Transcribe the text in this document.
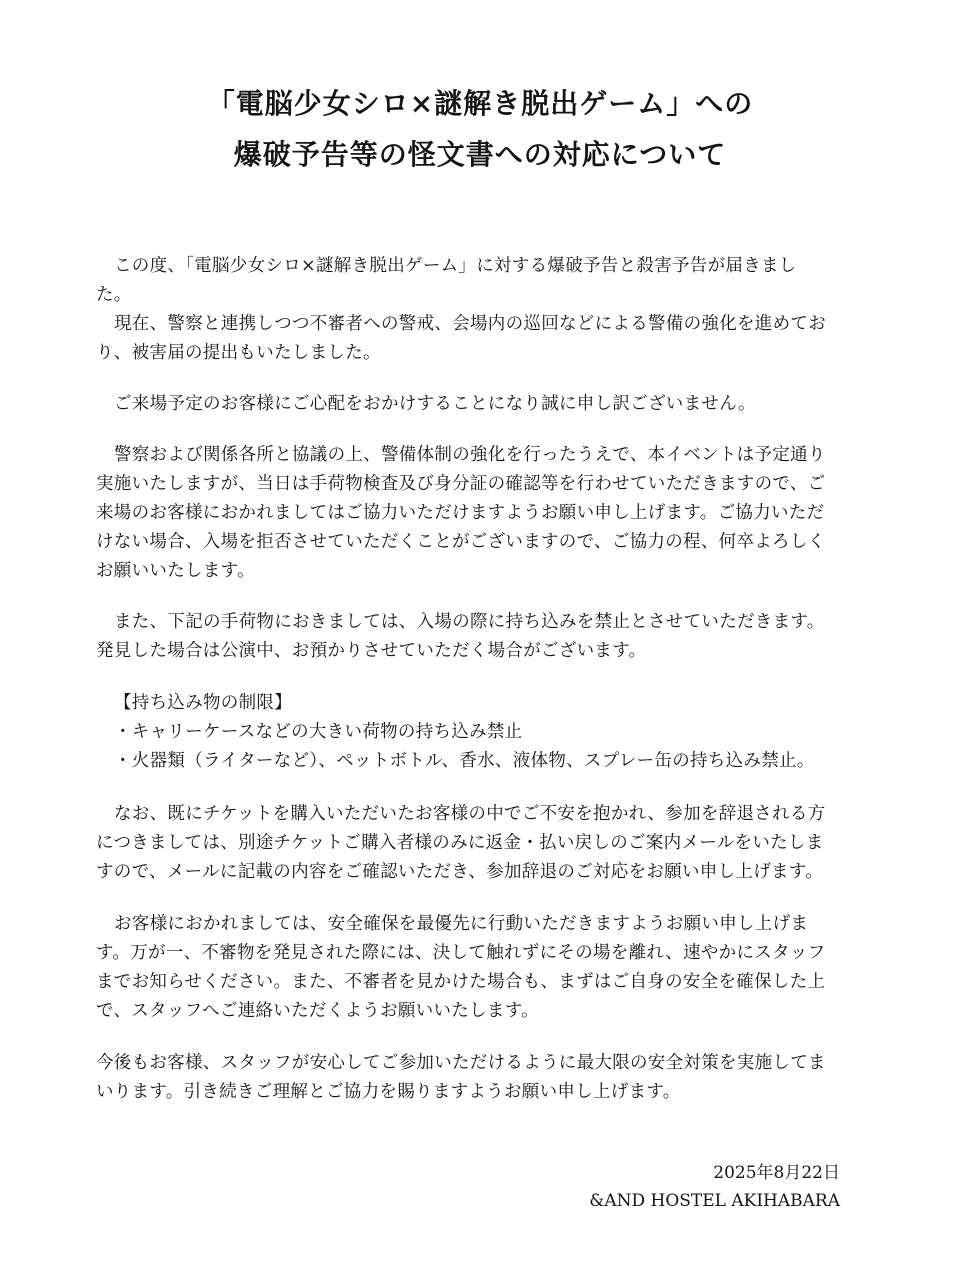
「電脳少女シロ×謎解き脱出ゲーム」への
爆破予告等の怪文書への対応について
この度、「電脳少女シロ×謎解き脱出ゲーム」に対する爆破予告と殺害予告が届きまし
た。
現在、警察と連携しつつ不審者への警戒、会場内の巡回などによる警備の強化を進めてお
り、被害届の提出もいたしました。
ご来場予定のお客様にご心配をおかけすることになり誠に申し訳ございません。
警察および関係各所と協議の上、警備体制の強化を行ったうえで、本イベントは予定通り
実施いたしますが、当日は手荷物検査及び身分証の確認等を行わせていただきますので、ご
来場のお客様におかれましてはご協力いただけますようお願い申し上げます。ご協力いただ
けない場合、入場を拒否させていただくことがございますので、ご協力の程、何卒よろしく
お願いいたします。
また、下記の手荷物におきましては、入場の際に持ち込みを禁止とさせていただきます。
発見した場合は公演中、お預かりさせていただく場合がございます。
【持ち込み物の制限】
・キャリーケースなどの大きい荷物の持ち込み禁止
・火器類（ライターなど）、ペットボトル、香水、液体物、スプレー缶の持ち込み禁止。
なお、既にチケットを購入いただいたお客様の中でご不安を抱かれ、参加を辞退される方
につきましては、別途チケットご購入者様のみに返金・払い戻しのご案内メールをいたしま
すので、メールに記載の内容をご確認いただき、参加辞退のご対応をお願い申し上げます。
お客様におかれましては、安全確保を最優先に行動いただきますようお願い申し上げま
す。万が一、不審物を発見された際には、決して触れずにその場を離れ、速やかにスタッフ
までお知らせください。また、不審者を見かけた場合も、まずはご自身の安全を確保した上
で、スタッフへご連絡いただくようお願いいたします。
今後もお客様、スタッフが安心してご参加いただけるように最大限の安全対策を実施してま
いります。引き続きご理解とご協力を賜りますようお願い申し上げます。
2025年8月22日
&AND HOSTEL AKIHABARA
